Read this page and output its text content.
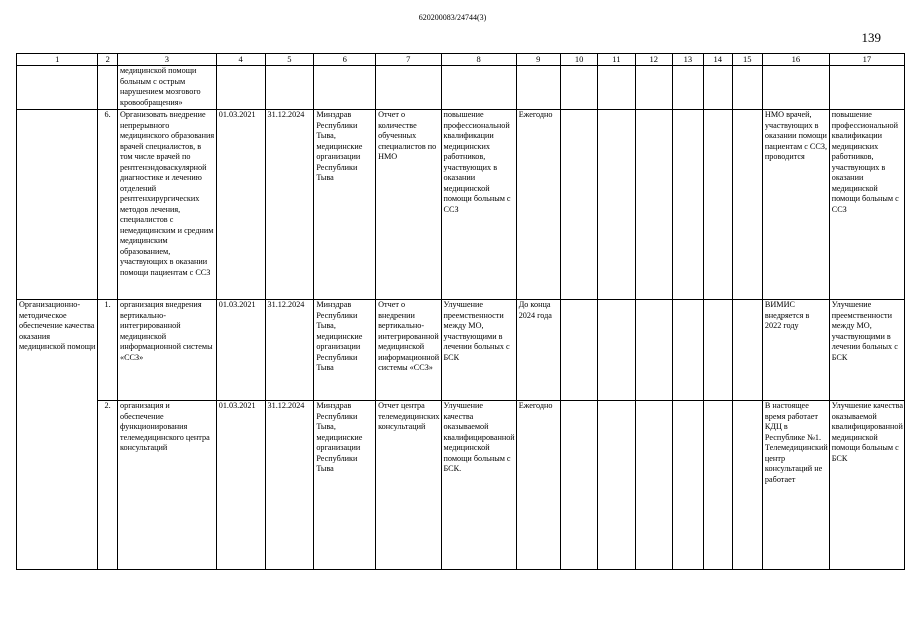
620200083/24744(3)
139
1	2	3	4	5	6	7	8	9	10	11	12	13	14	15	16	17
		медицинской помощи больным с острым нарушением мозгового кровообращения»														
	6.	Организовать внедрение непрерывного медицинского образования врачей специалистов, в том числе врачей по рентгенэндоваскулярной диагностике и лечению отделений рентгенхирургических методов лечения, специалистов с немедицинским и средним медицинским образованием, участвующих в оказании помощи пациентам с ССЗ	01.03.2021	31.12.2024	Минздрав Республики Тыва, медицинские организации Республики Тыва	Отчет о количестве обученных специалистов по НМО	повышение профессиональной квалификации медицинских работников, участвующих в оказании медицинской помощи больным с ССЗ	Ежегодно							НМО врачей, участвующих в оказании помощи пациентам с ССЗ, проводится	повышение профессиональной квалификации медицинских работников, участвующих в оказании медицинской помощи больным с ССЗ
Организационно-методическое обеспечение качества оказания медицинской помощи	1.	организация внедрения вертикально-интегрированной медицинской информационной системы «ССЗ»	01.03.2021	31.12.2024	Минздрав Республики Тыва, медицинские организации Республики Тыва	Отчет о внедрении вертикально-интегрированной медицинской информационной системы «ССЗ»	Улучшение преемственности между МО, участвующими в лечении больных с БСК	До конца 2024 года							ВИМИС внедряется в 2022 году	Улучшение преемственности между МО, участвующими в лечении больных с БСК
	2.	организация и обеспечение функционирования телемедицинского центра консультаций	01.03.2021	31.12.2024	Минздрав Республики Тыва, медицинские организации Республики Тыва	Отчет центра телемедицинских консультаций	Улучшение качества оказываемой квалифицированной медицинской помощи больным с БСК.	Ежегодно							В настоящее время работает КДЦ в Республике №1. Телемедицинский центр консультаций не работает	Улучшение качества оказываемой квалифицированной медицинской помощи больным с БСК
